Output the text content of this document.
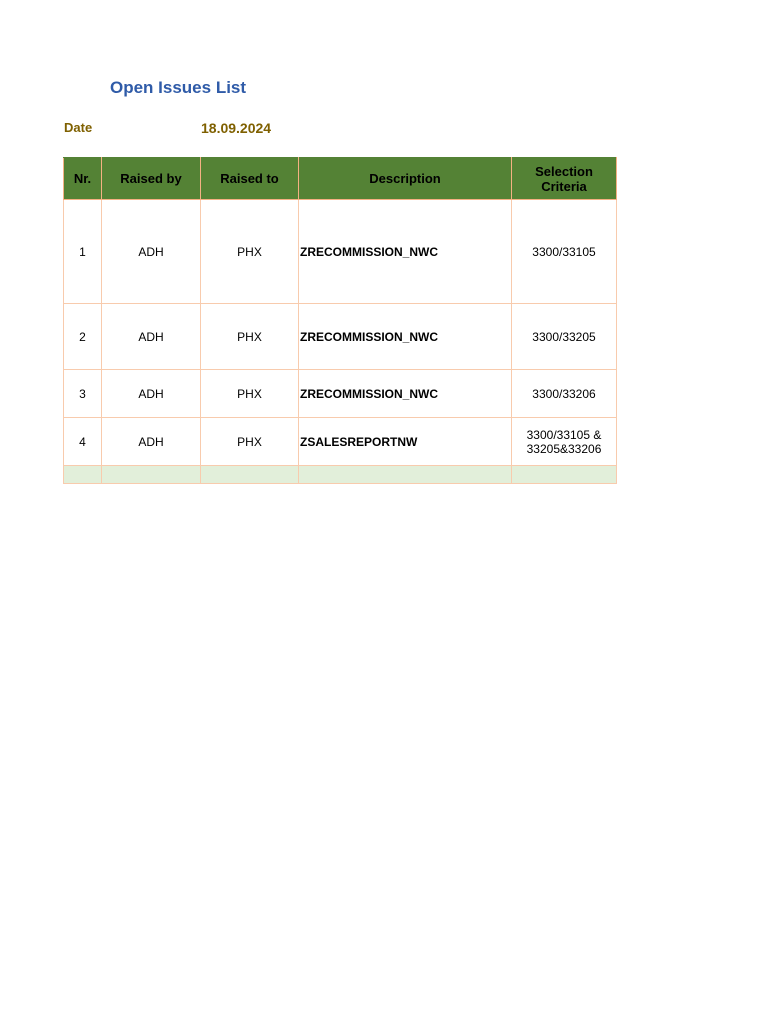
Open Issues List
Date	18.09.2024
Nr.	Raised by	Raised to	Description	Selection Criteria
1	ADH	PHX	ZRECOMMISSION_NWC	3300/33105
2	ADH	PHX	ZRECOMMISSION_NWC	3300/33205
3	ADH	PHX	ZRECOMMISSION_NWC	3300/33206
4	ADH	PHX	ZSALESREPORTNW	3300/33105 & 33205&33206
